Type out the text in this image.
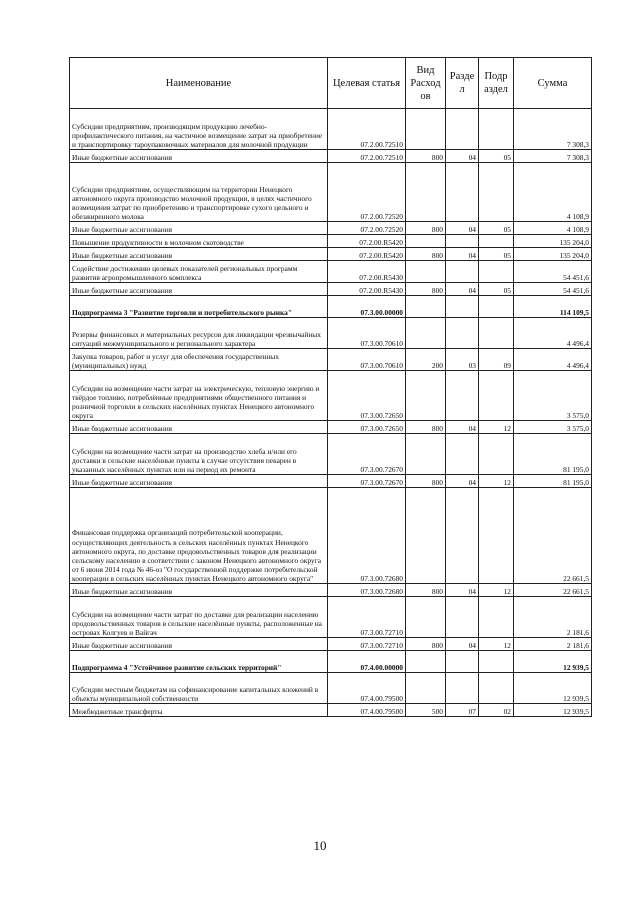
Наименование	Целевая статья	Вид Расход ов	Разде л	Подр аздел	Сумма
Субсидии предприятиям, производящим продукцию лечебно-профилактического питания, на частичное возмещение затрат на приобретение и транспортировку тароупаковочных материалов для молочной продукции	07.2.00.72510				7 308,3
Иные бюджетные ассигнования	07.2.00.72510	800	04	05	7 308,3
Субсидии предприятиям, осуществляющим на территории Ненецкого автономного округа производство молочной продукции, в целях частичного возмещения затрат по приобретению и транспортировке сухого цельного и обезжиренного молока	07.2.00.72520				4 108,9
Иные бюджетные ассигнования	07.2.00.72520	800	04	05	4 108,9
Повышение продуктивности в молочном скотоводстве	07.2.00.R5420				135 204,0
Иные бюджетные ассигнования	07.2.00.R5420	800	04	05	135 204,0
Содействие достижению целевых показателей региональных программ развития агропромышленного комплекса	07.2.00.R5430				54 451,6
Иные бюджетные ассигнования	07.2.00.R5430	800	04	05	54 451,6
Подпрограмма 3 "Развитие торговли и потребительского рынка"	07.3.00.00000				114 109,5
Резервы финансовых и материальных ресурсов для ликвидации чрезвычайных ситуаций межмуниципального и регионального характера	07.3.00.70610				4 496,4
Закупка товаров, работ и услуг для обеспечения государственных (муниципальных) нужд	07.3.00.70610	200	03	09	4 496,4
Субсидии на возмещение части затрат на электрическую, тепловую энергию и твёрдое топливо, потреблённые предприятиями общественного питания и розничной торговли в сельских населённых пунктах Ненецкого автономного округа	07.3.00.72650				3 575,0
Иные бюджетные ассигнования	07.3.00.72650	800	04	12	3 575,0
Субсидии на возмещение части затрат на производство хлеба и/или его доставки в сельские населённые пункты в случае отсутствия пекарен в указанных населённых пунктах или на период их ремонта	07.3.00.72670				81 195,0
Иные бюджетные ассигнования	07.3.00.72670	800	04	12	81 195,0
Финансовая поддержка организаций потребительской кооперации, осуществляющих деятельность в сельских населённых пунктах Ненецкого автономного округа, по доставке продовольственных товаров для реализации сельскому населению в соответствии с законом Ненецкого автономного округа от 6 июня 2014 года № 46-оз "О государственной поддержке потребительской кооперации в сельских населённых пунктах Ненецкого автономного округа"	07.3.00.72680				22 661,5
Иные бюджетные ассигнования	07.3.00.72680	800	04	12	22 661,5
Субсидии на возмещение части затрат по доставке для реализации населению продовольственных товаров в сельские населённые пункты, расположенные на островах Колгуев и Вайгач	07.3.00.72710				2 181,6
Иные бюджетные ассигнования	07.3.00.72710	800	04	12	2 181,6
Подпрограмма 4 "Устойчивое развитие сельских территорий"	07.4.00.00000				12 939,5
Субсидии местным бюджетам на софинансирование капитальных вложений в объекты муниципальной собственности	07.4.00.79500				12 939,5
Межбюджетные трансферты	07.4.00.79500	500	07	02	12 939,5
10
